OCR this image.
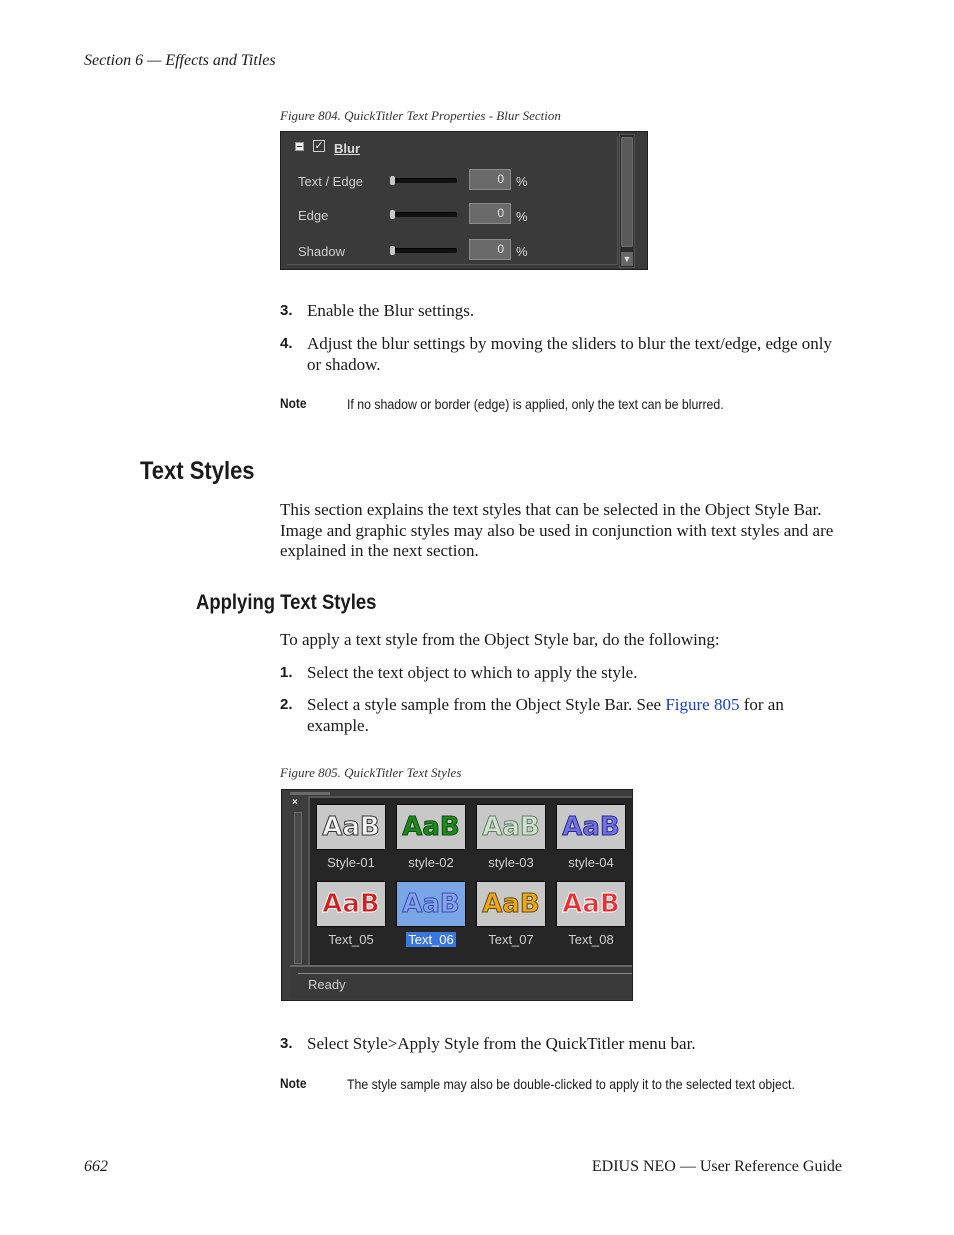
Section 6 — Effects and Titles
Figure 804. QuickTitler Text Properties - Blur Section
✓ Blur
Text / Edge	0 %
Edge	0 %
Shadow	0 %	▼
3. Enable the Blur settings.
4. Adjust the blur settings by moving the sliders to blur the text/edge, edge only or shadow.
Note	If no shadow or border (edge) is applied, only the text can be blurred.
Text Styles
This section explains the text styles that can be selected in the Object Style Bar. Image and graphic styles may also be used in conjunction with text styles and are explained in the next section.
Applying Text Styles
To apply a text style from the Object Style bar, do the following:
1. Select the text object to which to apply the style.
2. Select a style sample from the Object Style Bar. See Figure 805 for an example.
Figure 805. QuickTitler Text Styles
×
AaB
Style-01
AaB
style-02
AaB
style-03
AaB
style-04
AaB
Text_05
AaB
Text_06
AaB
Text_07
AaB
Text_08
Ready
3. Select Style>Apply Style from the QuickTitler menu bar.
Note	The style sample may also be double-clicked to apply it to the selected text object.
662	EDIUS NEO — User Reference Guide
